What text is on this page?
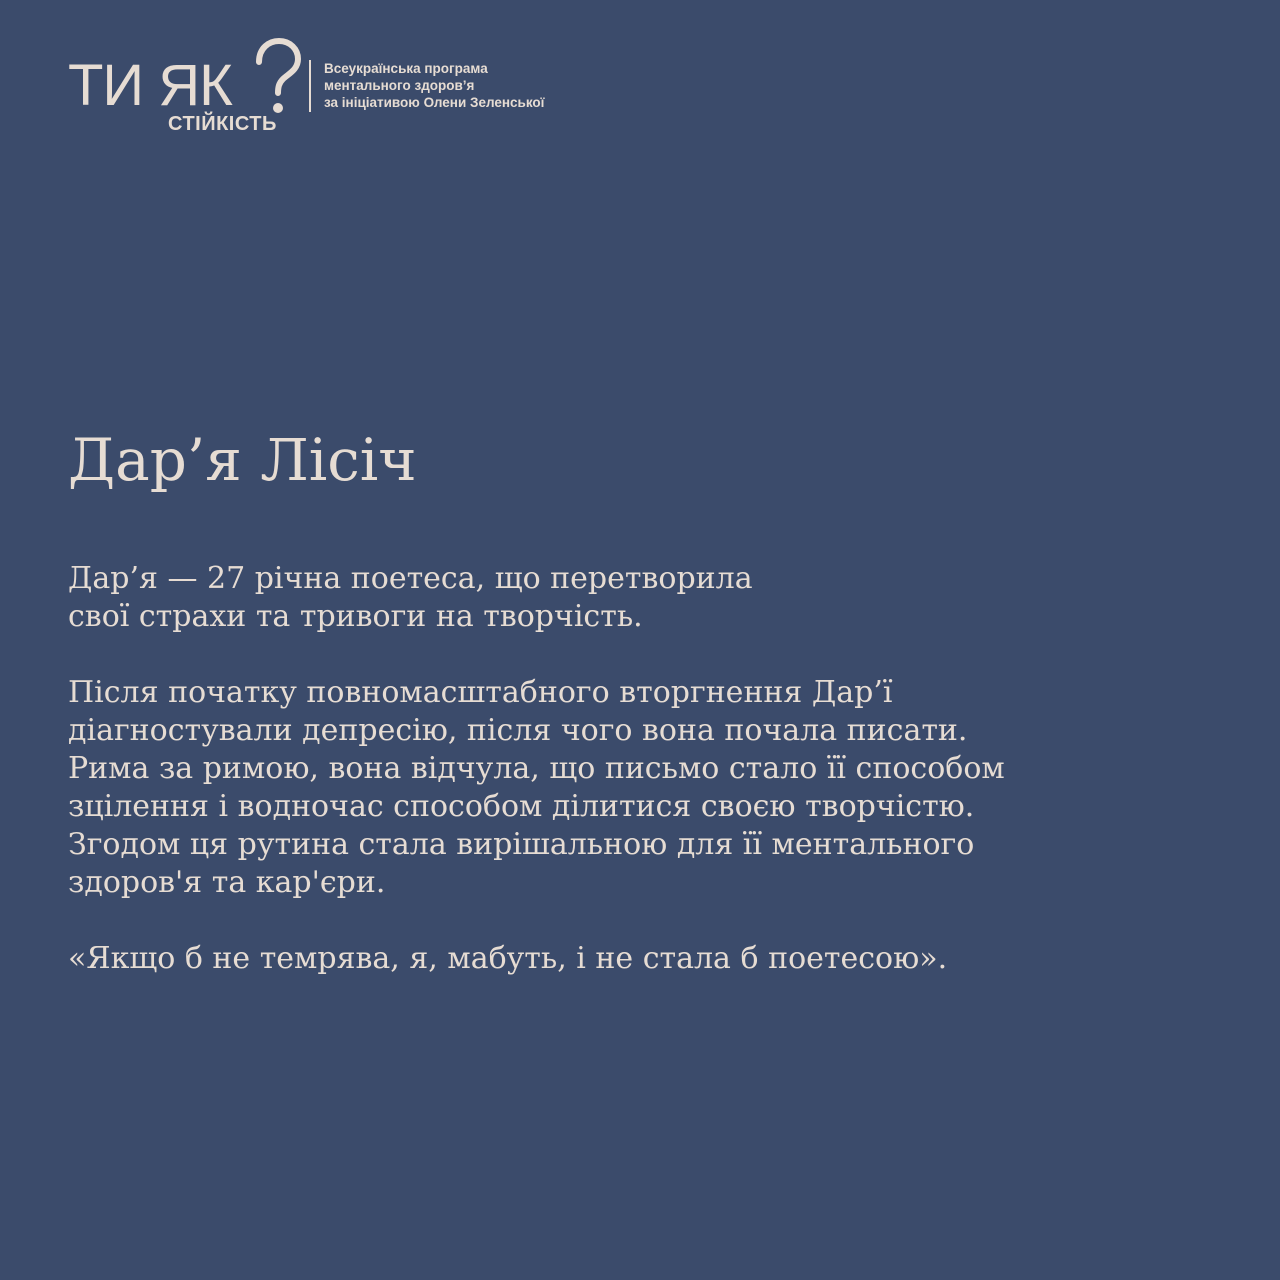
ТИ ЯК
СТІЙКІСТЬ
Всеукраїнська програма
ментального здоров’я
за ініціативою Олени Зеленської
Дар’я Лісіч

Дар’я — 27 річна поетеса, що перетворила
свої страхи та тривоги на творчість.

Після початку повномасштабного вторгнення Дар’ї
діагностували депресію, після чого вона почала писати.
Рима за римою, вона відчула, що письмо стало її способом
зцілення і водночас способом ділитися своєю творчістю.
Згодом ця рутина стала вирішальною для її ментального
здоров'я та кар'єри.

«Якщо б не темрява, я, мабуть, і не стала б поетесою».
